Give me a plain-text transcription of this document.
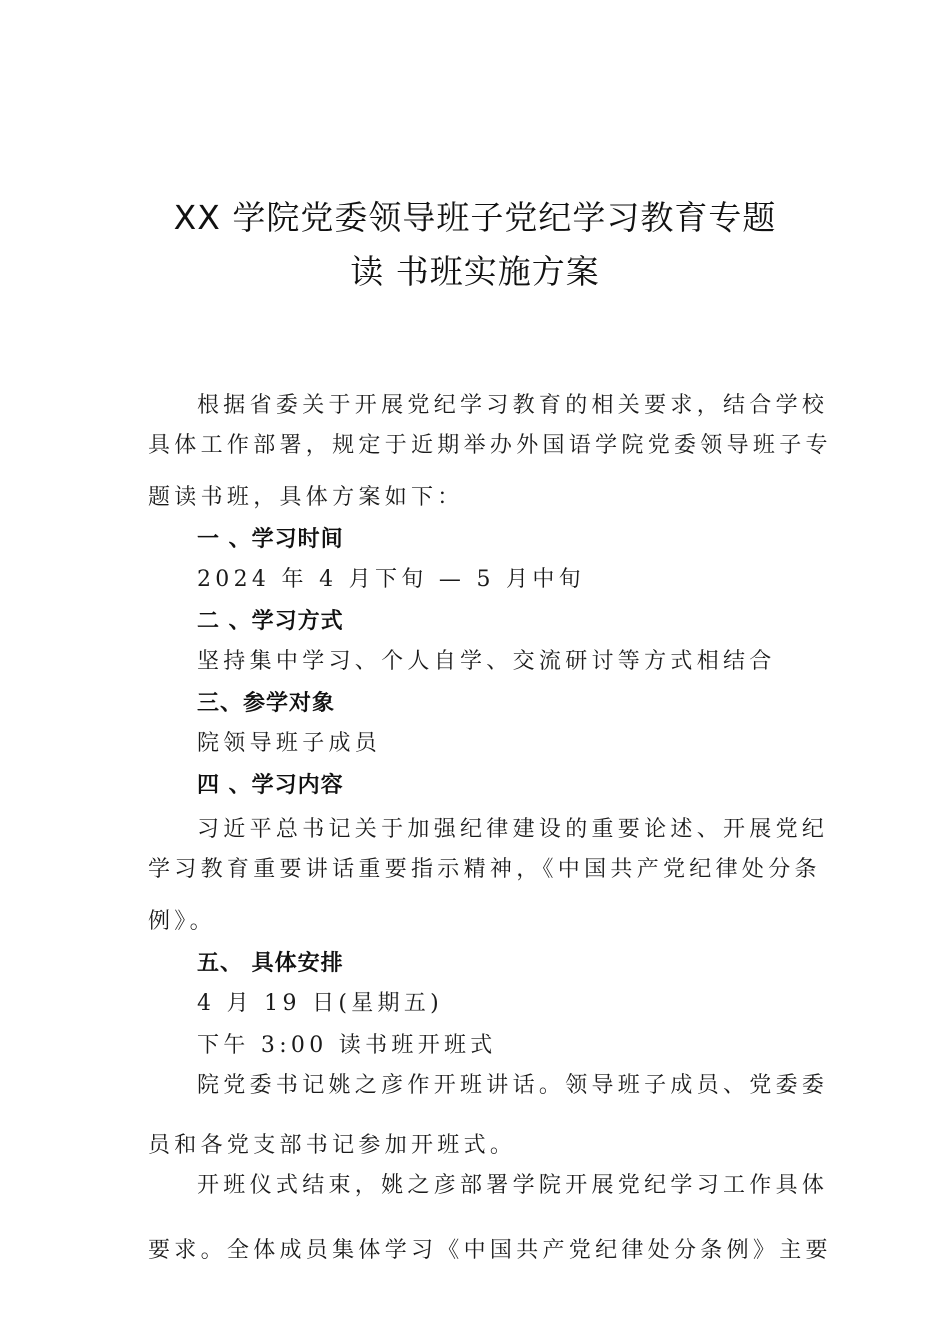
XX 学院党委领导班子党纪学习教育专题
读 书班实施方案
根据省委关于开展党纪学习教育的相关要求，结合学校
具体工作部署，规定于近期举办外国语学院党委领导班子专
题读书班，具体方案如下：
一 、学习时间
2024 年 4 月下旬 — 5 月中旬
二 、学习方式
坚持集中学习、个人自学、交流研讨等方式相结合
三、参学对象
院领导班子成员
四 、学习内容
习近平总书记关于加强纪律建设的重要论述、开展党纪
学习教育重要讲话重要指示精神，《中国共产党纪律处分条
例》。
五、 具体安排
4 月 19 日(星期五)
下午 3:00 读书班开班式
院党委书记姚之彦作开班讲话。领导班子成员、党委委
员和各党支部书记参加开班式。
开班仪式结束，姚之彦部署学院开展党纪学习工作具体
要求。全体成员集体学习《中国共产党纪律处分条例》主要
